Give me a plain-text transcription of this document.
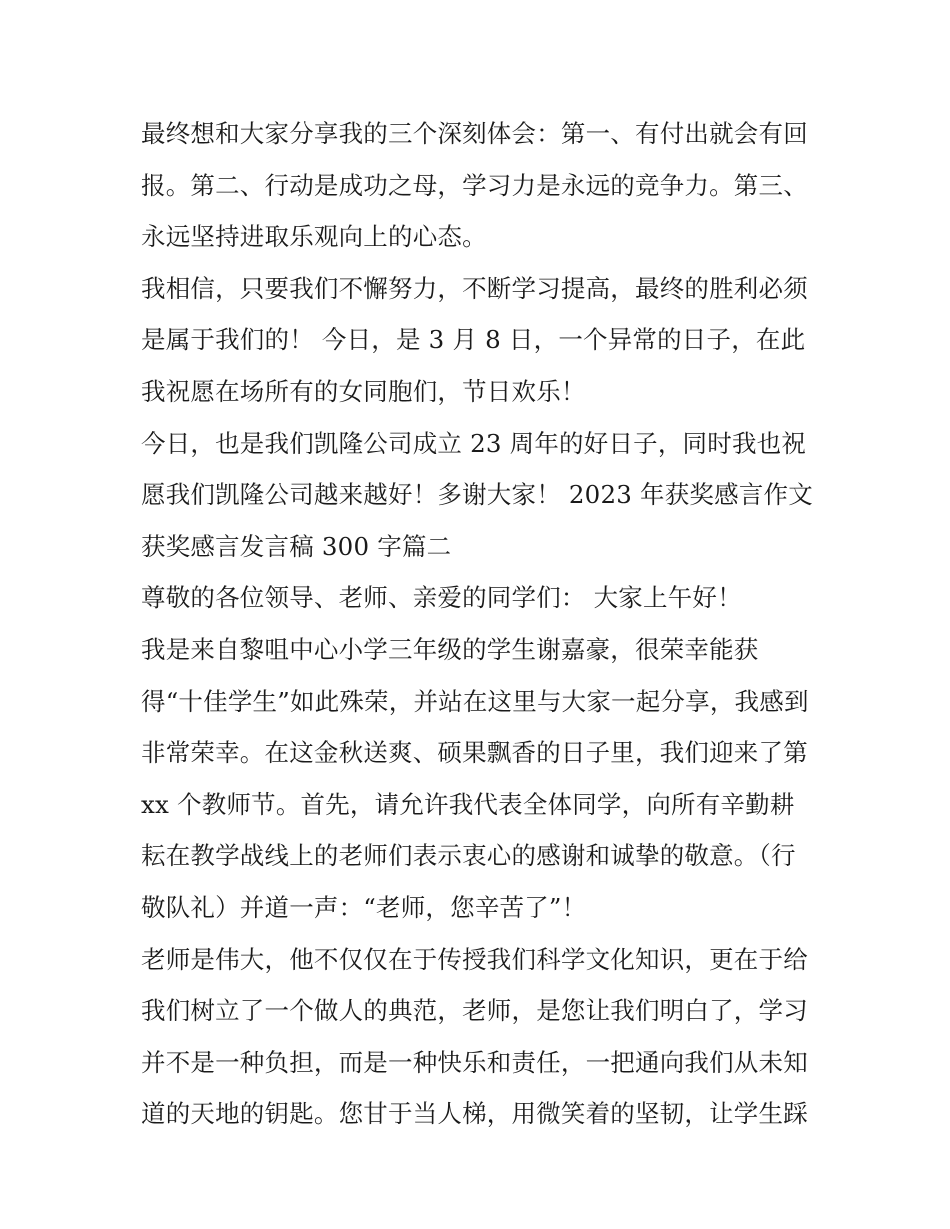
最终想和大家分享我的三个深刻体会：第一、有付出就会有回
报。第二、行动是成功之母，学习力是永远的竞争力。第三、
永远坚持进取乐观向上的心态。
我相信，只要我们不懈努力，不断学习提高，最终的胜利必须
是属于我们的！ 今日，是 3 月 8 日，一个异常的日子，在此
我祝愿在场所有的女同胞们，节日欢乐！
今日，也是我们凯隆公司成立 23 周年的好日子，同时我也祝
愿我们凯隆公司越来越好！多谢大家！ 2023 年获奖感言作文
获奖感言发言稿 300 字篇二
尊敬的各位领导、老师、亲爱的同学们： 大家上午好！
我是来自黎咀中心小学三年级的学生谢嘉豪，很荣幸能获
得“十佳学生”如此殊荣，并站在这里与大家一起分享，我感到
非常荣幸。在这金秋送爽、硕果飘香的日子里，我们迎来了第
xx 个教师节。首先，请允许我代表全体同学，向所有辛勤耕
耘在教学战线上的老师们表示衷心的感谢和诚挚的敬意。（行
敬队礼）并道一声：“老师，您辛苦了”！
老师是伟大，他不仅仅在于传授我们科学文化知识，更在于给
我们树立了一个做人的典范，老师，是您让我们明白了，学习
并不是一种负担，而是一种快乐和责任，一把通向我们从未知
道的天地的钥匙。您甘于当人梯，用微笑着的坚韧，让学生踩
